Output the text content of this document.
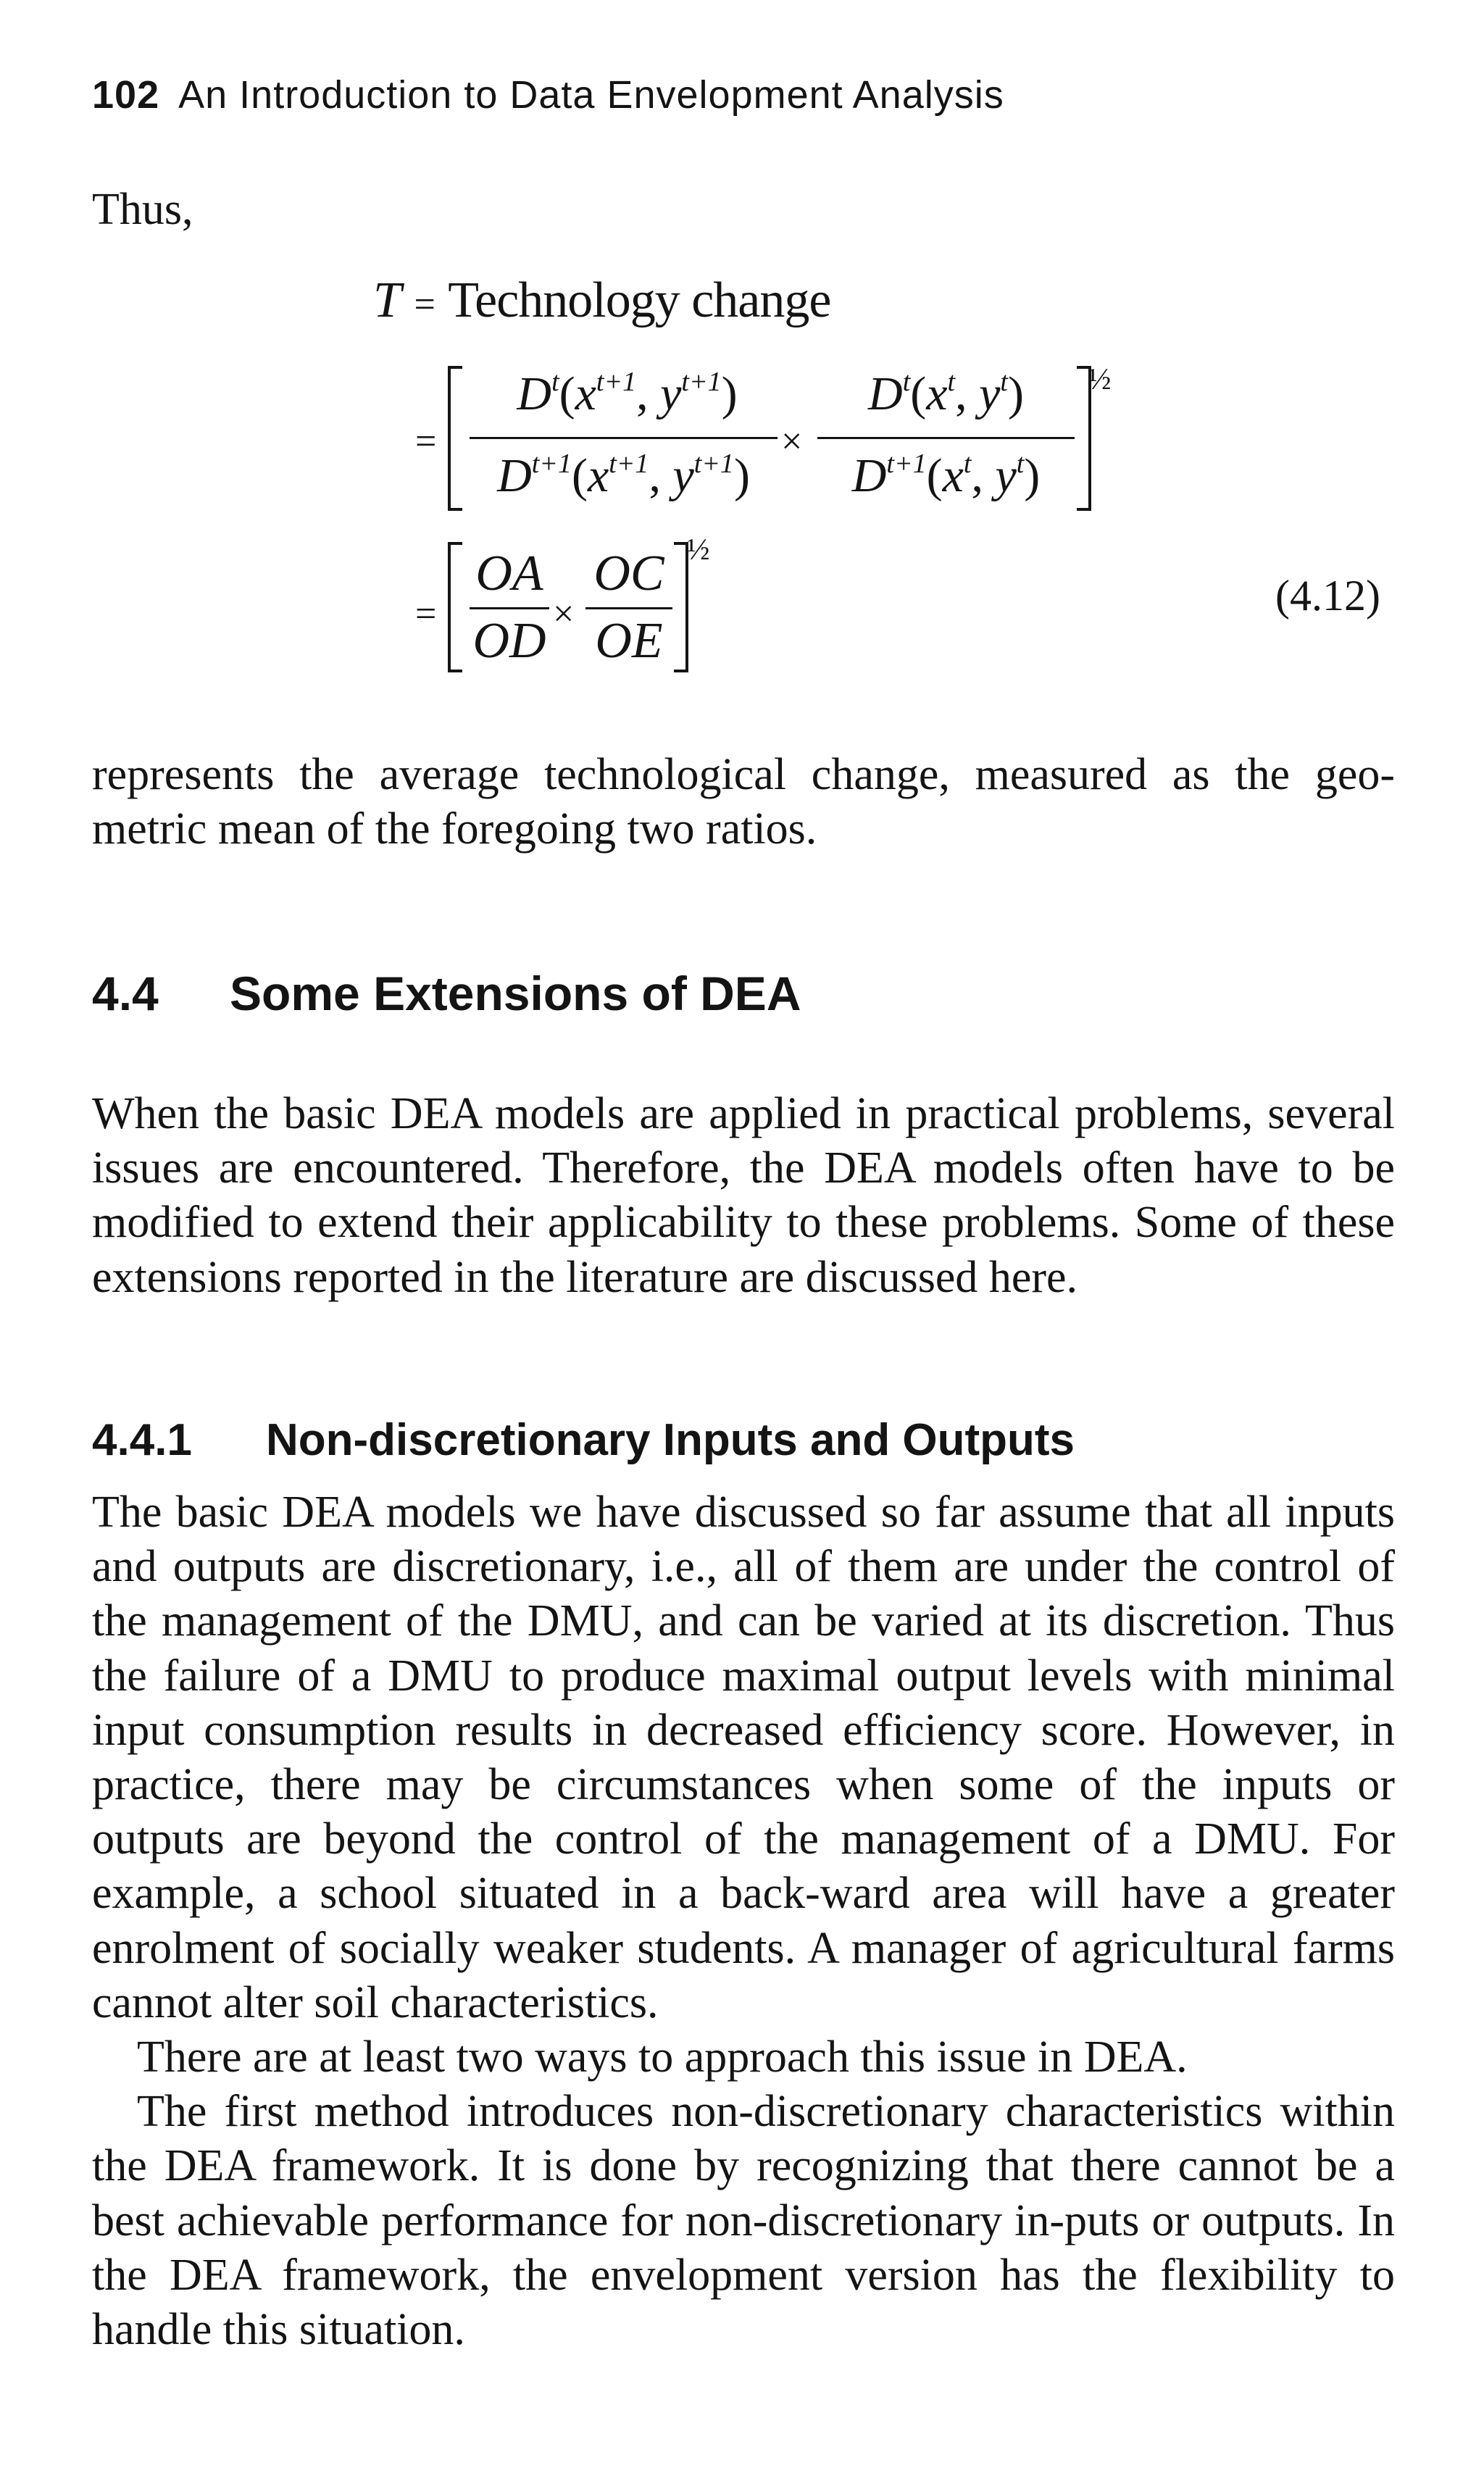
102 An Introduction to Data Envelopment Analysis
Thus,
T = Technology change
=
$D^t(x^{t+1}$, $y^{t+1}$)
$D^{t+1}(x^{t+1}$, $y^{t+1}$)
×
$D^t(x^t$, $y^t$)
$D^{t+1}(x^t$, $y^t$)
½
=
OA
OD ×
OC
OE
½
(4.12)

represents the average technological change, measured as the geo-metric mean of the foregoing two ratios.

4.4 Some Extensions of DEA

When the basic DEA models are applied in practical problems, several issues are encountered. Therefore, the DEA models often have to be modified to extend their applicability to these problems. Some of these extensions reported in the literature are discussed here.

4.4.1 Non-discretionary Inputs and Outputs

The basic DEA models we have discussed so far assume that all inputs and outputs are discretionary, i.e., all of them are under the control of the management of the DMU, and can be varied at its discretion. Thus the failure of a DMU to produce maximal output levels with minimal input consumption results in decreased efficiency score. However, in practice, there may be circumstances when some of the inputs or outputs are beyond the control of the management of a DMU. For example, a school situated in a back-ward area will have a greater enrolment of socially weaker students. A manager of agricultural farms cannot alter soil characteristics.

There are at least two ways to approach this issue in DEA.

The first method introduces non-discretionary characteristics within the DEA framework. It is done by recognizing that there cannot be a best achievable performance for non-discretionary in-puts or outputs. In the DEA framework, the envelopment version has the flexibility to handle this situation.
